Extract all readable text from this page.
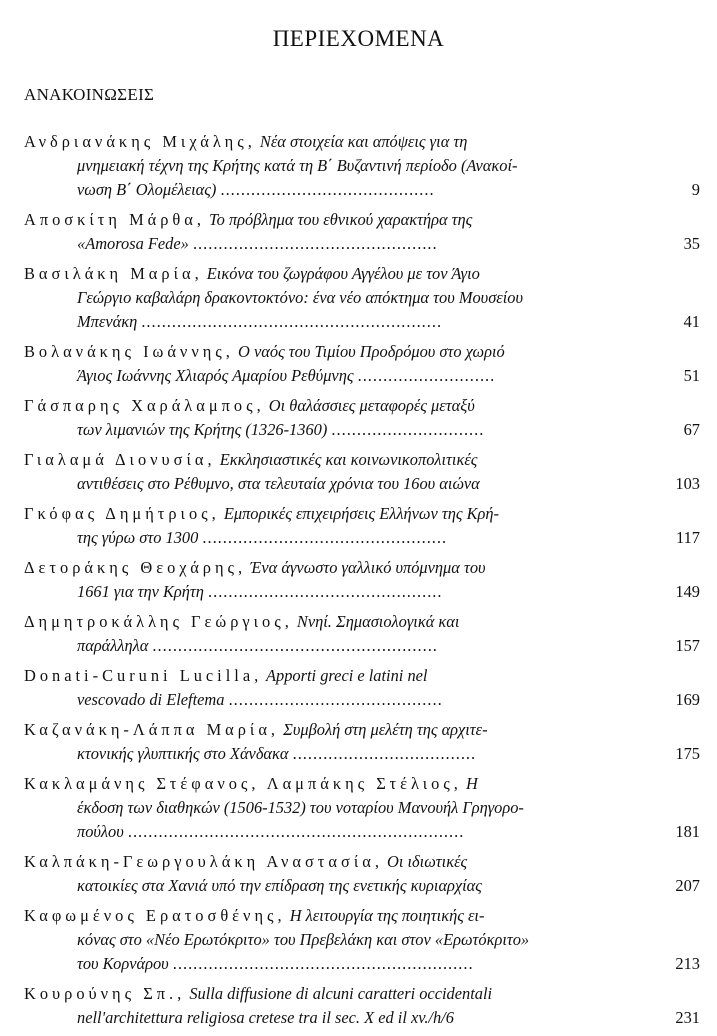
ΠΕΡΙΕΧΟΜΕΝΑ
ΑΝΑΚΟΙΝΩΣΕΙΣ
Ανδριανάκης Μιχάλης, Νέα στοιχεία και απόψεις για τη
μνημειακή τέχνη της Κρήτης κατά τη Β΄ Βυζαντινή περίοδο (Ανακοί-
νωση Β΄ Ολομέλειας) ..........................................	9
Αποσκίτη Μάρθα, Το πρόβλημα του εθνικού χαρακτήρα της
«Amorosa Fede» ................................................	35
Βασιλάκη Μαρία, Εικόνα του ζωγράφου Αγγέλου με τον Άγιο
Γεώργιο καβαλάρη δρακοντοκτόνο: ένα νέο απόκτημα του Μουσείου
Μπενάκη ...........................................................	41
Βολανάκης Ιωάννης, Ο ναός του Τιμίου Προδρόμου στο χωριό
Άγιος Ιωάννης Χλιαρός Αμαρίου Ρεθύμνης ...........................	51
Γάσπαρης Χαράλαμπος, Οι θαλάσσιες μεταφορές μεταξύ
των λιμανιών της Κρήτης (1326-1360) ..............................	67
Γιαλαμά Διονυσία, Εκκλησιαστικές και κοινωνικοπολιτικές
αντιθέσεις στο Ρέθυμνο, στα τελευταία χρόνια του 16ου αιώνα	103
Γκόφας Δημήτριος, Εμπορικές επιχειρήσεις Ελλήνων της Κρή-
της γύρω στο 1300 ................................................	117
Δετοράκης Θεοχάρης, Ένα άγνωστο γαλλικό υπόμνημα του
1661 για την Κρήτη ..............................................	149
Δημητροκάλλης Γεώργιος, Ννηί. Σημασιολογικά και
παράλληλα ........................................................	157
Donati-Curuni Lucilla, Apporti greci e latini nel
vescovado di Eleftema ..........................................	169
Καζανάκη-Λάππα Μαρία, Συμβολή στη μελέτη της αρχιτε-
κτονικής γλυπτικής στο Χάνδακα ....................................	175
Κακλαμάνης Στέφανος, Λαμπάκης Στέλιος, Η
έκδοση των διαθηκών (1506-1532) του νοταρίου Μανουήλ Γρηγορο-
πούλου ..................................................................	181
Καλπάκη-Γεωργουλάκη Αναστασία, Οι ιδιωτικές
κατοικίες στα Χανιά υπό την επίδραση της ενετικής κυριαρχίας	207
Καφωμένος Ερατοσθένης, Η λειτουργία της ποιητικής ει-
κόνας στο «Νέο Ερωτόκριτο» του Πρεβελάκη και στον «Ερωτόκριτο»
του Κορνάρου ...........................................................	213
Κουρούνης Σπ., Sulla diffusione di alcuni caratteri occidentali
nell'architettura religiosa cretese tra il sec. X ed il xv./h/6	231
